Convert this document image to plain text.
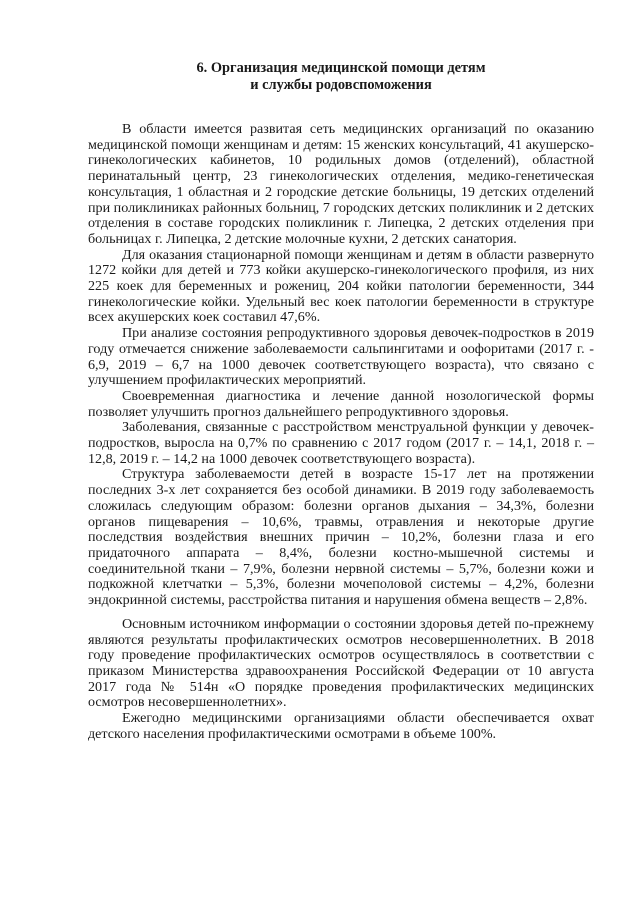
6. Организация медицинской помощи детям
и службы родовспоможения

В области имеется развитая сеть медицинских организаций по оказанию медицинской помощи женщинам и детям: 15 женских консультаций, 41 акушерско-гинекологических кабинетов, 10 родильных домов (отделений), областной перинатальный центр, 23 гинекологических отделения, медико-генетическая консультация, 1 областная и 2 городские детские больницы, 19 детских отделений при поликлиниках районных больниц, 7 городских детских поликлиник и 2 детских отделения в составе городских поликлиник г. Липецка, 2 детских отделения при больницах г. Липецка, 2 детские молочные кухни, 2 детских санатория.

Для оказания стационарной помощи женщинам и детям в области развернуто 1272 койки для детей и 773 койки акушерско-гинекологического профиля, из них 225 коек для беременных и рожениц, 204 койки патологии беременности, 344 гинекологические койки. Удельный вес коек патологии беременности в структуре всех акушерских коек составил 47,6%.

При анализе состояния репродуктивного здоровья девочек-подростков в 2019 году отмечается снижение заболеваемости сальпингитами и оофоритами (2017 г. - 6,9, 2019 – 6,7 на 1000 девочек соответствующего возраста), что связано с улучшением профилактических мероприятий.

Своевременная диагностика и лечение данной нозологической формы позволяет улучшить прогноз дальнейшего репродуктивного здоровья.

Заболевания, связанные с расстройством менструальной функции у девочек-подростков, выросла на 0,7% по сравнению с 2017 годом (2017 г. – 14,1, 2018 г. – 12,8, 2019 г. – 14,2 на 1000 девочек соответствующего возраста).

Структура заболеваемости детей в возрасте 15-17 лет на протяжении последних 3-х лет сохраняется без особой динамики. В 2019 году заболеваемость сложилась следующим образом: болезни органов дыхания – 34,3%, болезни органов пищеварения – 10,6%, травмы, отравления и некоторые другие последствия воздействия внешних причин – 10,2%, болезни глаза и его придаточного аппарата – 8,4%, болезни костно-мышечной системы и соединительной ткани – 7,9%, болезни нервной системы – 5,7%, болезни кожи и подкожной клетчатки – 5,3%, болезни мочеполовой системы – 4,2%, болезни эндокринной системы, расстройства питания и нарушения обмена веществ – 2,8%.

Основным источником информации о состоянии здоровья детей по-прежнему являются результаты профилактических осмотров несовершеннолетних. В 2018 году проведение профилактических осмотров осуществлялось в соответствии с приказом Министерства здравоохранения Российской Федерации от 10 августа 2017 года № 514н «О порядке проведения профилактических медицинских осмотров несовершеннолетних».

Ежегодно медицинскими организациями области обеспечивается охват детского населения профилактическими осмотрами в объеме 100%.
